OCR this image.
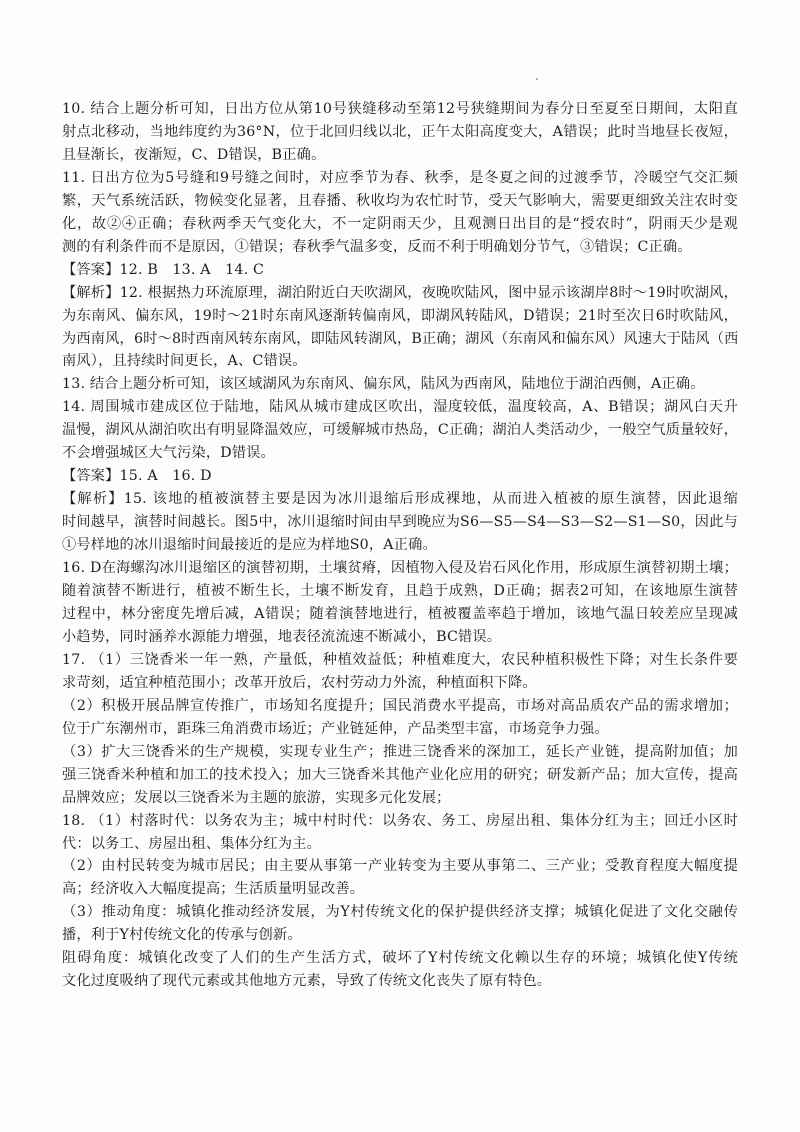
10. 结合上题分析可知，日出方位从第10号狭缝移动至第12号狭缝期间为春分日至夏至日期间，太阳直
射点北移动，当地纬度约为36°N，位于北回归线以北，正午太阳高度变大，A错误；此时当地昼长夜短，
且昼渐长，夜渐短，C、D错误，B正确。
11. 日出方位为5号缝和9号缝之间时，对应季节为春、秋季，是冬夏之间的过渡季节，冷暖空气交汇频
繁，天气系统活跃，物候变化显著，且春播、秋收均为农忙时节，受天气影响大，需要更细致关注农时变
化，故②④正确；春秋两季天气变化大，不一定阴雨天少，且观测日出目的是“授农时”，阴雨天少是观
测的有利条件而不是原因，①错误；春秋季气温多变，反而不利于明确划分节气，③错误；C正确。
【答案】12. B　13. A　14. C
【解析】12. 根据热力环流原理，湖泊附近白天吹湖风，夜晚吹陆风，图中显示该湖岸8时～19时吹湖风，
为东南风、偏东风，19时～21时东南风逐渐转偏南风，即湖风转陆风，D错误；21时至次日6时吹陆风，
为西南风，6时～8时西南风转东南风，即陆风转湖风，B正确；湖风（东南风和偏东风）风速大于陆风（西
南风），且持续时间更长，A、C错误。
13. 结合上题分析可知，该区域湖风为东南风、偏东风，陆风为西南风，陆地位于湖泊西侧，A正确。
14. 周围城市建成区位于陆地，陆风从城市建成区吹出，湿度较低，温度较高，A、B错误；湖风白天升
温慢，湖风从湖泊吹出有明显降温效应，可缓解城市热岛，C正确；湖泊人类活动少，一般空气质量较好，
不会增强城区大气污染，D错误。
【答案】15. A　16. D
【解析】15. 该地的植被演替主要是因为冰川退缩后形成裸地，从而进入植被的原生演替，因此退缩
时间越早，演替时间越长。图5中，冰川退缩时间由早到晚应为S6—S5—S4—S3—S2—S1—S0，因此与
①号样地的冰川退缩时间最接近的是应为样地S0，A正确。
16. D在海螺沟冰川退缩区的演替初期，土壤贫瘠，因植物入侵及岩石风化作用，形成原生演替初期土壤；
随着演替不断进行，植被不断生长，土壤不断发育，且趋于成熟，D正确；据表2可知，在该地原生演替
过程中，林分密度先增后减，A错误；随着演替地进行，植被覆盖率趋于增加，该地气温日较差应呈现减
小趋势，同时涵养水源能力增强，地表径流流速不断减小，BC错误。
17. （1）三饶香米一年一熟，产量低，种植效益低；种植难度大，农民种植积极性下降；对生长条件要
求苛刻，适宜种植范围小；改革开放后，农村劳动力外流，种植面积下降。
（2）积极开展品牌宣传推广，市场知名度提升；国民消费水平提高，市场对高品质农产品的需求增加；
位于广东潮州市，距珠三角消费市场近；产业链延伸，产品类型丰富，市场竞争力强。
（3）扩大三饶香米的生产规模，实现专业生产；推进三饶香米的深加工，延长产业链，提高附加值；加
强三饶香米种植和加工的技术投入；加大三饶香米其他产业化应用的研究；研发新产品；加大宣传，提高
品牌效应；发展以三饶香米为主题的旅游，实现多元化发展；
18. （1）村落时代：以务农为主；城中村时代：以务农、务工、房屋出租、集体分红为主；回迁小区时
代：以务工、房屋出租、集体分红为主。
（2）由村民转变为城市居民；由主要从事第一产业转变为主要从事第二、三产业；受教育程度大幅度提
高；经济收入大幅度提高；生活质量明显改善。
（3）推动角度：城镇化推动经济发展，为Y村传统文化的保护提供经济支撑；城镇化促进了文化交融传
播，利于Y村传统文化的传承与创新。
阻碍角度：城镇化改变了人们的生产生活方式，破坏了Y村传统文化赖以生存的环境；城镇化使Y传统
文化过度吸纳了现代元素或其他地方元素，导致了传统文化丧失了原有特色。
